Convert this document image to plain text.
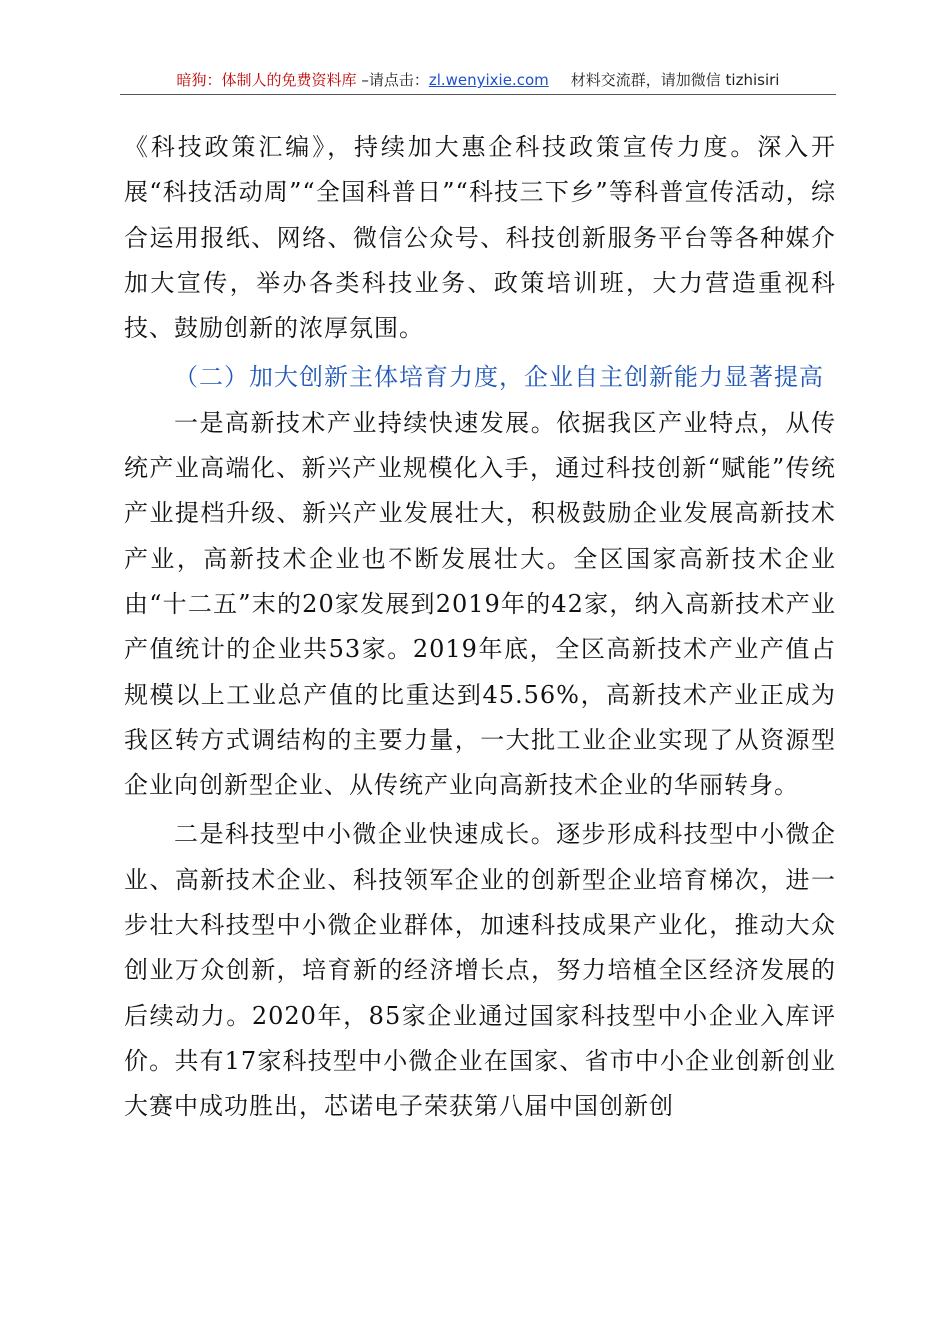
暗狗：体制人的免费资料库 –请点击：zl.wenyixie.com 材料交流群，请加微信 tizhisiri

《科技政策汇编》，持续加大惠企科技政策宣传力度。深入开展“科技活动周”“全国科普日”“科技三下乡”等科普宣传活动，综合运用报纸、网络、微信公众号、科技创新服务平台等各种媒介加大宣传，举办各类科技业务、政策培训班，大力营造重视科技、鼓励创新的浓厚氛围。

（二）加大创新主体培育力度，企业自主创新能力显著提高

一是高新技术产业持续快速发展。依据我区产业特点，从传统产业高端化、新兴产业规模化入手，通过科技创新“赋能”传统产业提档升级、新兴产业发展壮大，积极鼓励企业发展高新技术产业，高新技术企业也不断发展壮大。全区国家高新技术企业由“十二五”末的20家发展到2019年的42家，纳入高新技术产业产值统计的企业共53家。2019年底，全区高新技术产业产值占规模以上工业总产值的比重达到45.56%，高新技术产业正成为我区转方式调结构的主要力量，一大批工业企业实现了从资源型企业向创新型企业、从传统产业向高新技术企业的华丽转身。

二是科技型中小微企业快速成长。逐步形成科技型中小微企业、高新技术企业、科技领军企业的创新型企业培育梯次，进一步壮大科技型中小微企业群体，加速科技成果产业化，推动大众创业万众创新，培育新的经济增长点，努力培植全区经济发展的后续动力。2020年，85家企业通过国家科技型中小企业入库评价。共有17家科技型中小微企业在国家、省市中小企业创新创业大赛中成功胜出，芯诺电子荣获第八届中国创新创
